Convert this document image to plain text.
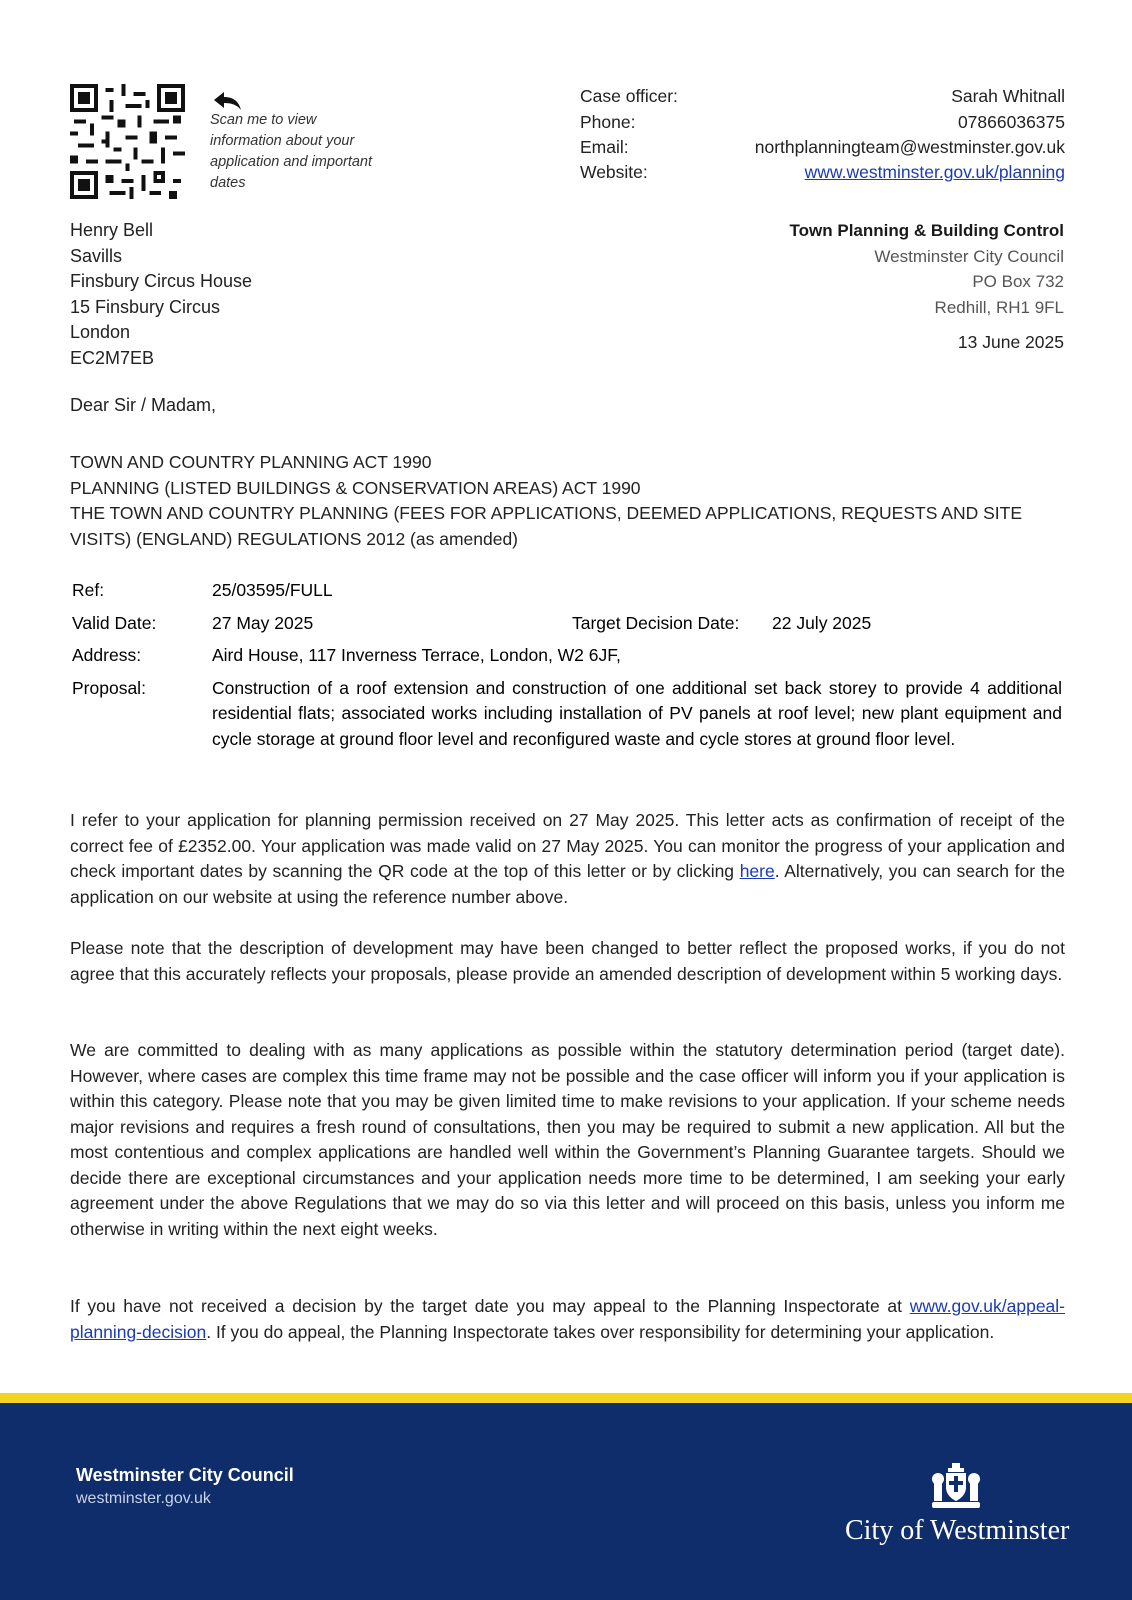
Scan me to view information about your application and important dates
Case officer:	Sarah Whitnall
Phone:	07866036375
Email:	northplanningteam@westminster.gov.uk
Website:	www.westminster.gov.uk/planning
Henry Bell
Savills
Finsbury Circus House
15 Finsbury Circus
London
EC2M7EB
Town Planning & Building Control
Westminster City Council
PO Box 732
Redhill, RH1 9FL
13 June 2025
Dear Sir / Madam,
TOWN AND COUNTRY PLANNING ACT 1990
PLANNING (LISTED BUILDINGS & CONSERVATION AREAS) ACT 1990
THE TOWN AND COUNTRY PLANNING (FEES FOR APPLICATIONS, DEEMED APPLICATIONS, REQUESTS AND SITE VISITS) (ENGLAND) REGULATIONS 2012 (as amended)
Ref:	25/03595/FULL
Valid Date:	27 May 2025	Target Decision Date:	22 July 2025
Address:	Aird House, 117 Inverness Terrace, London, W2 6JF,
Proposal:	Construction of a roof extension and construction of one additional set back storey to provide 4 additional residential flats; associated works including installation of PV panels at roof level; new plant equipment and cycle storage at ground floor level and reconfigured waste and cycle stores at ground floor level.
I refer to your application for planning permission received on 27 May 2025. This letter acts as confirmation of receipt of the correct fee of £2352.00. Your application was made valid on 27 May 2025. You can monitor the progress of your application and check important dates by scanning the QR code at the top of this letter or by clicking here. Alternatively, you can search for the application on our website at using the reference number above.
Please note that the description of development may have been changed to better reflect the proposed works, if you do not agree that this accurately reflects your proposals, please provide an amended description of development within 5 working days.
We are committed to dealing with as many applications as possible within the statutory determination period (target date). However, where cases are complex this time frame may not be possible and the case officer will inform you if your application is within this category. Please note that you may be given limited time to make revisions to your application. If your scheme needs major revisions and requires a fresh round of consultations, then you may be required to submit a new application. All but the most contentious and complex applications are handled well within the Government’s Planning Guarantee targets. Should we decide there are exceptional circumstances and your application needs more time to be determined, I am seeking your early agreement under the above Regulations that we may do so via this letter and will proceed on this basis, unless you inform me otherwise in writing within the next eight weeks.
If you have not received a decision by the target date you may appeal to the Planning Inspectorate at www.gov.uk/appeal-planning-decision. If you do appeal, the Planning Inspectorate takes over responsibility for determining your application.
Westminster City Council
westminster.gov.uk
City of Westminster
